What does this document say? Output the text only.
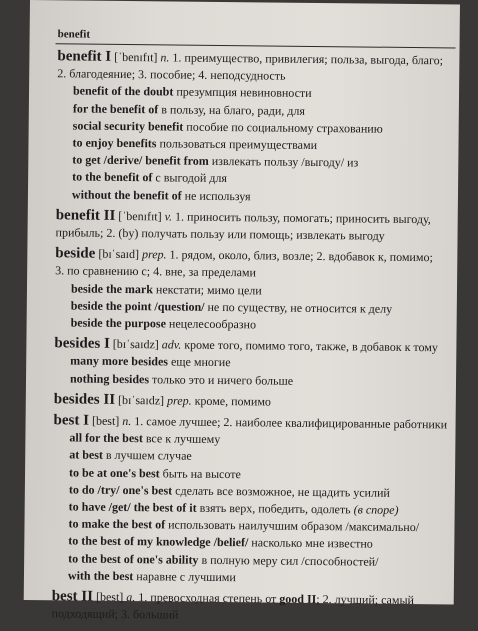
benefit
benefit I [ˈbenɪfɪt] n. 1. преимущество, привилегия; польза, выгода, благо;
2. благодеяние; 3. пособие; 4. неподсудность
benefit of the doubt презумпция невиновности
for the benefit of в пользу, на благо, ради, для
social security benefit пособие по социальному страхованию
to enjoy benefits пользоваться преимуществами
to get /derive/ benefit from извлекать пользу /выгоду/ из
to the benefit of с выгодой для
without the benefit of не используя
benefit II [ˈbenɪfɪt] v. 1. приносить пользу, помогать; приносить выгоду,
прибыль; 2. (by) получать пользу или помощь; извлекать выгоду
beside [bɪˈsaɪd] prep. 1. рядом, около, близ, возле; 2. вдобавок к, помимо;
3. по сравнению с; 4. вне, за пределами
beside the mark некстати; мимо цели
beside the point /question/ не по существу, не относится к делу
beside the purpose нецелесообразно
besides I [bɪˈsaɪdz] adv. кроме того, помимо того, также, в добавок к тому
many more besides еще многие
nothing besides только это и ничего больше
besides II [bɪˈsaɪdz] prep. кроме, помимо
best I [best] n. 1. самое лучшее; 2. наиболее квалифицированные работники
all for the best все к лучшему
at best в лучшем случае
to be at one's best быть на высоте
to do /try/ one's best сделать все возможное, не щадить усилий
to have /get/ the best of it взять верх, победить, одолеть (в споре)
to make the best of использовать наилучшим образом /максимально/
to the best of my knowledge /belief/ насколько мне известно
to the best of one's ability в полную меру сил /способностей/
with the best наравне с лучшими
best II [best] a. 1. превосходная степень от good II; 2. лучший; самый
подходящий; 3. больший
